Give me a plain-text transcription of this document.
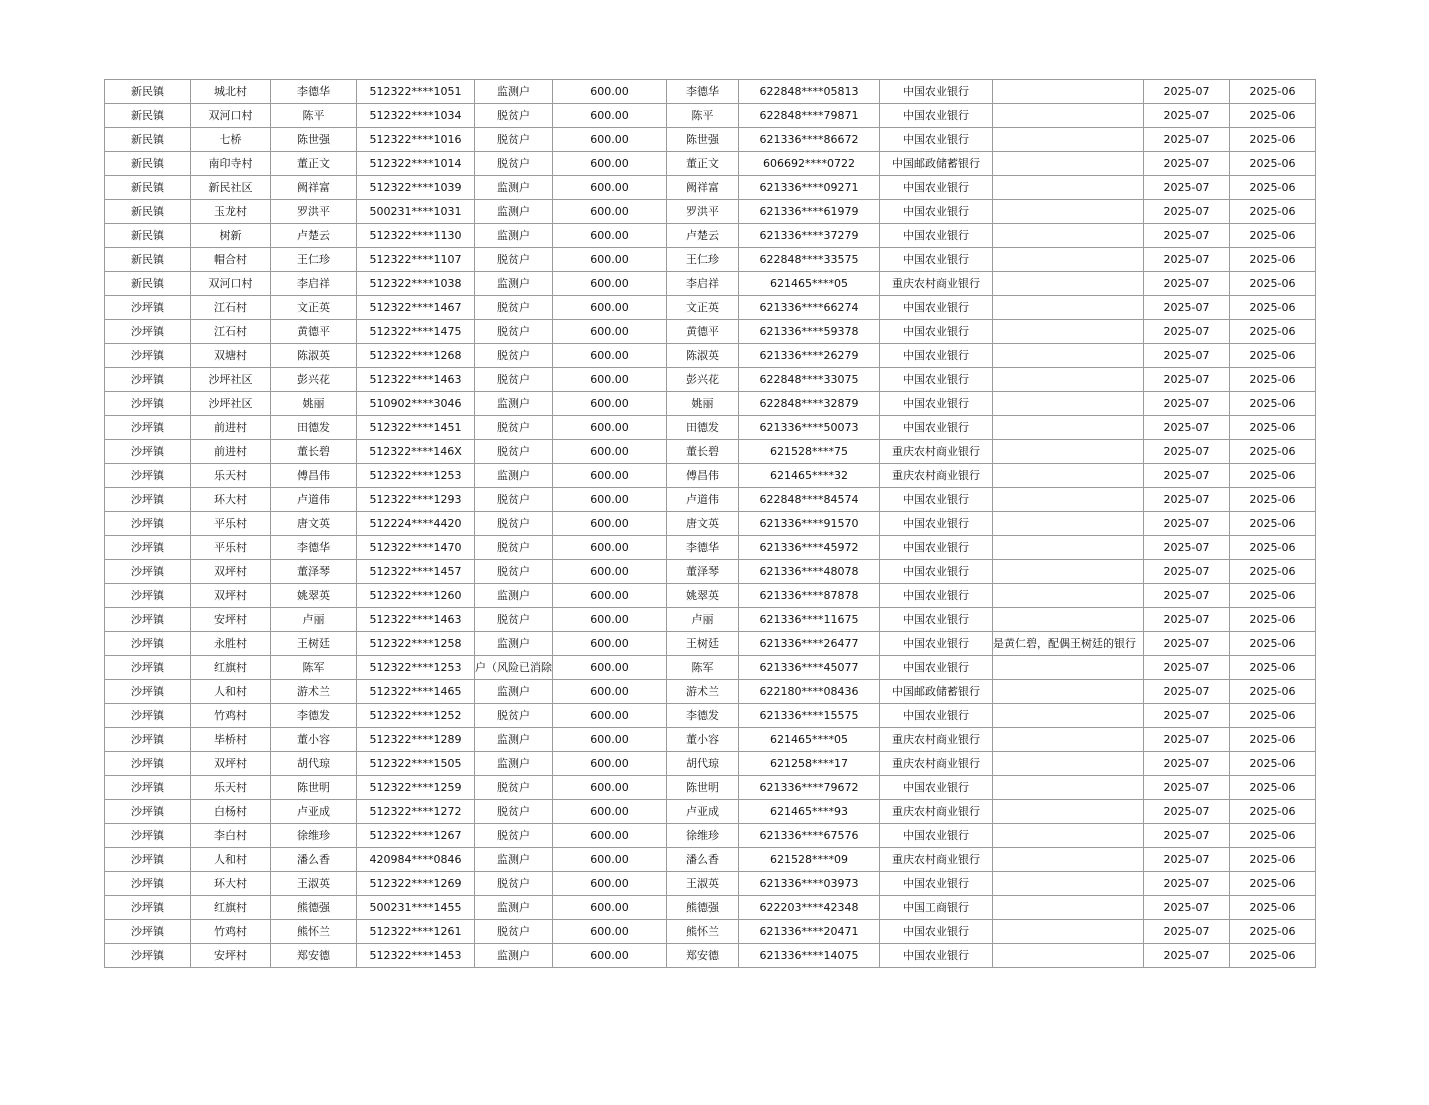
新民镇	城北村	李德华	512322****1051	监测户	600.00	李德华	622848****05813	中国农业银行		2025-07	2025-06
新民镇	双河口村	陈平	512322****1034	脱贫户	600.00	陈平	622848****79871	中国农业银行		2025-07	2025-06
新民镇	七桥	陈世强	512322****1016	脱贫户	600.00	陈世强	621336****86672	中国农业银行		2025-07	2025-06
新民镇	南印寺村	董正文	512322****1014	脱贫户	600.00	董正文	606692****0722	中国邮政储蓄银行		2025-07	2025-06
新民镇	新民社区	阙祥富	512322****1039	监测户	600.00	阙祥富	621336****09271	中国农业银行		2025-07	2025-06
新民镇	玉龙村	罗洪平	500231****1031	监测户	600.00	罗洪平	621336****61979	中国农业银行		2025-07	2025-06
新民镇	树新	卢楚云	512322****1130	监测户	600.00	卢楚云	621336****37279	中国农业银行		2025-07	2025-06
新民镇	帽合村	王仁珍	512322****1107	脱贫户	600.00	王仁珍	622848****33575	中国农业银行		2025-07	2025-06
新民镇	双河口村	李启祥	512322****1038	监测户	600.00	李启祥	621465****05	重庆农村商业银行		2025-07	2025-06
沙坪镇	江石村	文正英	512322****1467	脱贫户	600.00	文正英	621336****66274	中国农业银行		2025-07	2025-06
沙坪镇	江石村	黄德平	512322****1475	脱贫户	600.00	黄德平	621336****59378	中国农业银行		2025-07	2025-06
沙坪镇	双塘村	陈淑英	512322****1268	脱贫户	600.00	陈淑英	621336****26279	中国农业银行		2025-07	2025-06
沙坪镇	沙坪社区	彭兴花	512322****1463	脱贫户	600.00	彭兴花	622848****33075	中国农业银行		2025-07	2025-06
沙坪镇	沙坪社区	姚丽	510902****3046	监测户	600.00	姚丽	622848****32879	中国农业银行		2025-07	2025-06
沙坪镇	前进村	田德发	512322****1451	脱贫户	600.00	田德发	621336****50073	中国农业银行		2025-07	2025-06
沙坪镇	前进村	董长碧	512322****146X	脱贫户	600.00	董长碧	621528****75	重庆农村商业银行		2025-07	2025-06
沙坪镇	乐天村	傅昌伟	512322****1253	监测户	600.00	傅昌伟	621465****32	重庆农村商业银行		2025-07	2025-06
沙坪镇	环大村	卢道伟	512322****1293	脱贫户	600.00	卢道伟	622848****84574	中国农业银行		2025-07	2025-06
沙坪镇	平乐村	唐文英	512224****4420	脱贫户	600.00	唐文英	621336****91570	中国农业银行		2025-07	2025-06
沙坪镇	平乐村	李德华	512322****1470	脱贫户	600.00	李德华	621336****45972	中国农业银行		2025-07	2025-06
沙坪镇	双坪村	董泽琴	512322****1457	脱贫户	600.00	董泽琴	621336****48078	中国农业银行		2025-07	2025-06
沙坪镇	双坪村	姚翠英	512322****1260	监测户	600.00	姚翠英	621336****87878	中国农业银行		2025-07	2025-06
沙坪镇	安坪村	卢丽	512322****1463	脱贫户	600.00	卢丽	621336****11675	中国农业银行		2025-07	2025-06
沙坪镇	永胜村	王树廷	512322****1258	监测户	600.00	王树廷	621336****26477	中国农业银行	是黄仁碧，配偶王树廷的银行	2025-07	2025-06
沙坪镇	红旗村	陈军	512322****1253	户（风险已消除	600.00	陈军	621336****45077	中国农业银行		2025-07	2025-06
沙坪镇	人和村	游术兰	512322****1465	监测户	600.00	游术兰	622180****08436	中国邮政储蓄银行		2025-07	2025-06
沙坪镇	竹鸡村	李德发	512322****1252	脱贫户	600.00	李德发	621336****15575	中国农业银行		2025-07	2025-06
沙坪镇	毕桥村	董小容	512322****1289	监测户	600.00	董小容	621465****05	重庆农村商业银行		2025-07	2025-06
沙坪镇	双坪村	胡代琼	512322****1505	监测户	600.00	胡代琼	621258****17	重庆农村商业银行		2025-07	2025-06
沙坪镇	乐天村	陈世明	512322****1259	脱贫户	600.00	陈世明	621336****79672	中国农业银行		2025-07	2025-06
沙坪镇	白杨村	卢亚成	512322****1272	脱贫户	600.00	卢亚成	621465****93	重庆农村商业银行		2025-07	2025-06
沙坪镇	李白村	徐维珍	512322****1267	脱贫户	600.00	徐维珍	621336****67576	中国农业银行		2025-07	2025-06
沙坪镇	人和村	潘么香	420984****0846	监测户	600.00	潘么香	621528****09	重庆农村商业银行		2025-07	2025-06
沙坪镇	环大村	王淑英	512322****1269	脱贫户	600.00	王淑英	621336****03973	中国农业银行		2025-07	2025-06
沙坪镇	红旗村	熊德强	500231****1455	监测户	600.00	熊德强	622203****42348	中国工商银行		2025-07	2025-06
沙坪镇	竹鸡村	熊怀兰	512322****1261	脱贫户	600.00	熊怀兰	621336****20471	中国农业银行		2025-07	2025-06
沙坪镇	安坪村	郑安德	512322****1453	监测户	600.00	郑安德	621336****14075	中国农业银行		2025-07	2025-06
